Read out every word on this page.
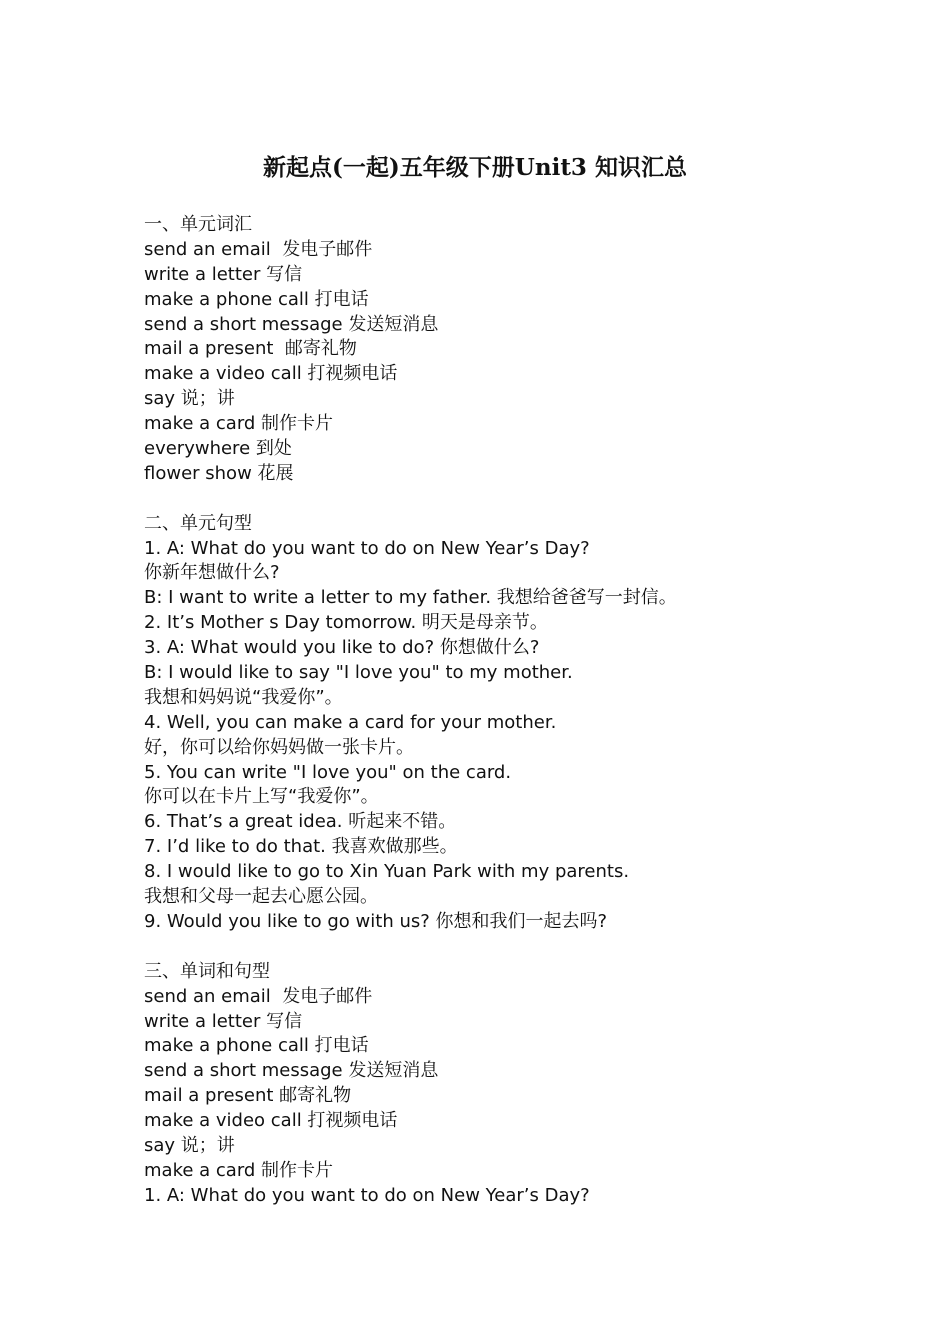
新起点(一起)五年级下册Unit3 知识汇总
一、单元词汇
send an email  发电子邮件
write a letter 写信
make a phone call 打电话
send a short message 发送短消息
mail a present  邮寄礼物
make a video call 打视频电话
say 说；讲
make a card 制作卡片
everywhere 到处
flower show 花展
二、单元句型
1. A: What do you want to do on New Year’s Day?
你新年想做什么?
B: I want to write a letter to my father. 我想给爸爸写一封信。
2. It’s Mother s Day tomorrow. 明天是母亲节。
3. A: What would you like to do? 你想做什么?
B: I would like to say "I love you" to my mother.
我想和妈妈说“我爱你”。
4. Well, you can make a card for your mother.
好，你可以给你妈妈做一张卡片。
5. You can write "I love you" on the card.
你可以在卡片上写“我爱你”。
6. That’s a great idea. 听起来不错。
7. I’d like to do that. 我喜欢做那些。
8. I would like to go to Xin Yuan Park with my parents.
我想和父母一起去心愿公园。
9. Would you like to go with us? 你想和我们一起去吗?
三、单词和句型
send an email  发电子邮件
write a letter 写信
make a phone call 打电话
send a short message 发送短消息
mail a present 邮寄礼物
make a video call 打视频电话
say 说；讲
make a card 制作卡片
1. A: What do you want to do on New Year’s Day?
